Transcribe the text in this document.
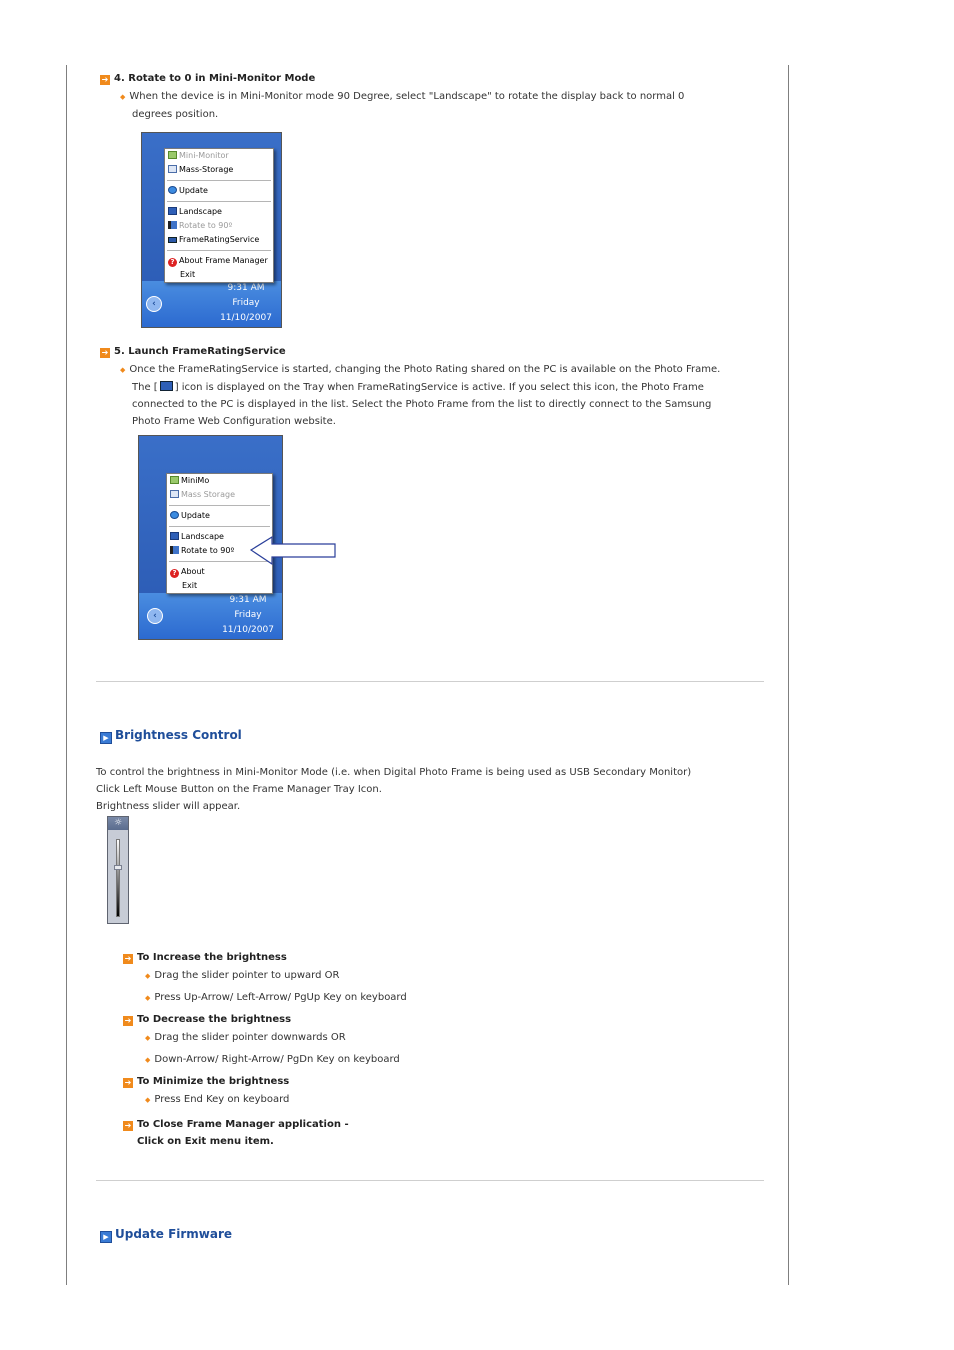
➔ 4. Rotate to 0 in Mini-Monitor Mode
◆ When the device is in Mini-Monitor mode 90 Degree, select "Landscape" to rotate the display back to normal 0
degrees position.
‹
9:31 AM
Friday
11/10/2007
Mini-Monitor
Mass-Storage
Update
Landscape
Rotate to 90º
FrameRatingService
? About Frame Manager
Exit
➔ 5. Launch FrameRatingService
◆ Once the FrameRatingService is started, changing the Photo Rating shared on the PC is available on the Photo Frame.
The [ ] icon is displayed on the Tray when FrameRatingService is active. If you select this icon, the Photo Frame
connected to the PC is displayed in the list. Select the Photo Frame from the list to directly connect to the Samsung
Photo Frame Web Configuration website.
‹
9:31 AM
Friday
11/10/2007
MiniMo
Mass Storage
Update
Landscape
Rotate to 90º
? About
Exit
▶ Brightness Control
To control the brightness in Mini-Monitor Mode (i.e. when Digital Photo Frame is being used as USB Secondary Monitor)
Click Left Mouse Button on the Frame Manager Tray Icon.
Brightness slider will appear.
☼
➔ To Increase the brightness
◆ Drag the slider pointer to upward OR
◆ Press Up-Arrow/ Left-Arrow/ PgUp Key on keyboard
➔ To Decrease the brightness
◆ Drag the slider pointer downwards OR
◆ Down-Arrow/ Right-Arrow/ PgDn Key on keyboard
➔ To Minimize the brightness
◆ Press End Key on keyboard
➔ To Close Frame Manager application -
Click on Exit menu item.
▶ Update Firmware
